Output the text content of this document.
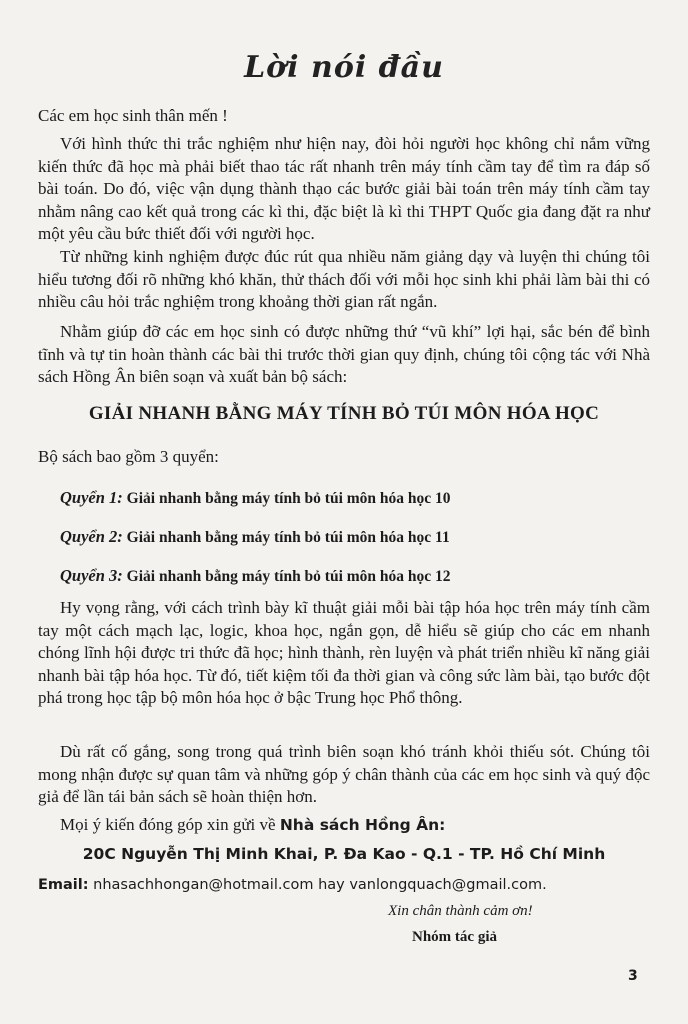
Lời nói đầu
Các em học sinh thân mến !
Với hình thức thi trắc nghiệm như hiện nay, đòi hỏi người học không chỉ nắm vững kiến thức đã học mà phải biết thao tác rất nhanh trên máy tính cầm tay để tìm ra đáp số bài toán. Do đó, việc vận dụng thành thạo các bước giải bài toán trên máy tính cầm tay nhằm nâng cao kết quả trong các kì thi, đặc biệt là kì thi THPT Quốc gia đang đặt ra như một yêu cầu bức thiết đối với người học.
Từ những kinh nghiệm được đúc rút qua nhiều năm giảng dạy và luyện thi chúng tôi hiểu tương đối rõ những khó khăn, thử thách đối với mỗi học sinh khi phải làm bài thi có nhiều câu hỏi trắc nghiệm trong khoảng thời gian rất ngắn.
Nhằm giúp đỡ các em học sinh có được những thứ “vũ khí” lợi hại, sắc bén để bình tĩnh và tự tin hoàn thành các bài thi trước thời gian quy định, chúng tôi cộng tác với Nhà sách Hồng Ân biên soạn và xuất bản bộ sách:
GIẢI NHANH BẰNG MÁY TÍNH BỎ TÚI MÔN HÓA HỌC
Bộ sách bao gồm 3 quyển:
Quyển 1: Giải nhanh bằng máy tính bỏ túi môn hóa học 10
Quyển 2: Giải nhanh bằng máy tính bỏ túi môn hóa học 11
Quyển 3: Giải nhanh bằng máy tính bỏ túi môn hóa học 12
Hy vọng rằng, với cách trình bày kĩ thuật giải mỗi bài tập hóa học trên máy tính cầm tay một cách mạch lạc, logic, khoa học, ngắn gọn, dễ hiểu sẽ giúp cho các em nhanh chóng lĩnh hội được tri thức đã học; hình thành, rèn luyện và phát triển nhiều kĩ năng giải nhanh bài tập hóa học. Từ đó, tiết kiệm tối đa thời gian và công sức làm bài, tạo bước đột phá trong học tập bộ môn hóa học ở bậc Trung học Phổ thông.
Dù rất cố gắng, song trong quá trình biên soạn khó tránh khỏi thiếu sót. Chúng tôi mong nhận được sự quan tâm và những góp ý chân thành của các em học sinh và quý độc giả để lần tái bản sách sẽ hoàn thiện hơn.
Mọi ý kiến đóng góp xin gửi về Nhà sách Hồng Ân:
20C Nguyễn Thị Minh Khai, P. Đa Kao - Q.1 - TP. Hồ Chí Minh
Email: nhasachhongan@hotmail.com hay vanlongquach@gmail.com.
Xin chân thành cảm ơn!
Nhóm tác giả
3
